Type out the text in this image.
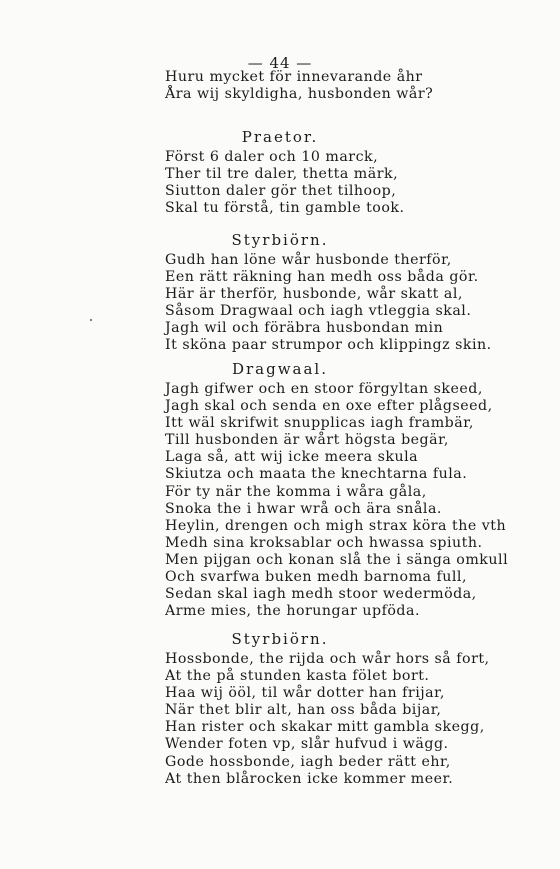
— 44 —
Huru mycket för innevarande åhr
Åra wij skyldigha, husbonden wår?
Praetor.
Först 6 daler och 10 marck,
Ther til tre daler, thetta märk,
Siutton daler gör thet tilhoop,
Skal tu förstå, tin gamble took.
Styrbiörn.
Gudh han löne wår husbonde therför,
Een rätt räkning han medh oss båda gör.
Här är therför, husbonde, wår skatt al,
Såsom Dragwaal och iagh vtleggia skal.
Jagh wil och föräbra husbondan min
It sköna paar strumpor och klippingz skin.
Dragwaal.
Jagh gifwer och en stoor förgyltan skeed,
Jagh skal och senda en oxe efter plågseed,
Itt wäl skrifwit snupplicas iagh frambär,
Till husbonden är wårt högsta begär,
Laga så, att wij icke meera skula
Skiutza och maata the knechtarna fula.
För ty när the komma i wåra gåla,
Snoka the i hwar wrå och ära snåla.
Heylin, drengen och migh strax köra the vth
Medh sina kroksablar och hwassa spiuth.
Men pijgan och konan slå the i sänga omkull
Och svarfwa buken medh barnoma full,
Sedan skal iagh medh stoor wedermöda,
Arme mies, the horungar upföda.
Styrbiörn.
Hossbonde, the rijda och wår hors så fort,
At the på stunden kasta fölet bort.
Haa wij ööl, til wår dotter han frijar,
När thet blir alt, han oss båda bijar,
Han rister och skakar mitt gambla skegg,
Wender foten vp, slår hufvud i wägg.
Gode hossbonde, iagh beder rätt ehr,
At then blårocken icke kommer meer.
